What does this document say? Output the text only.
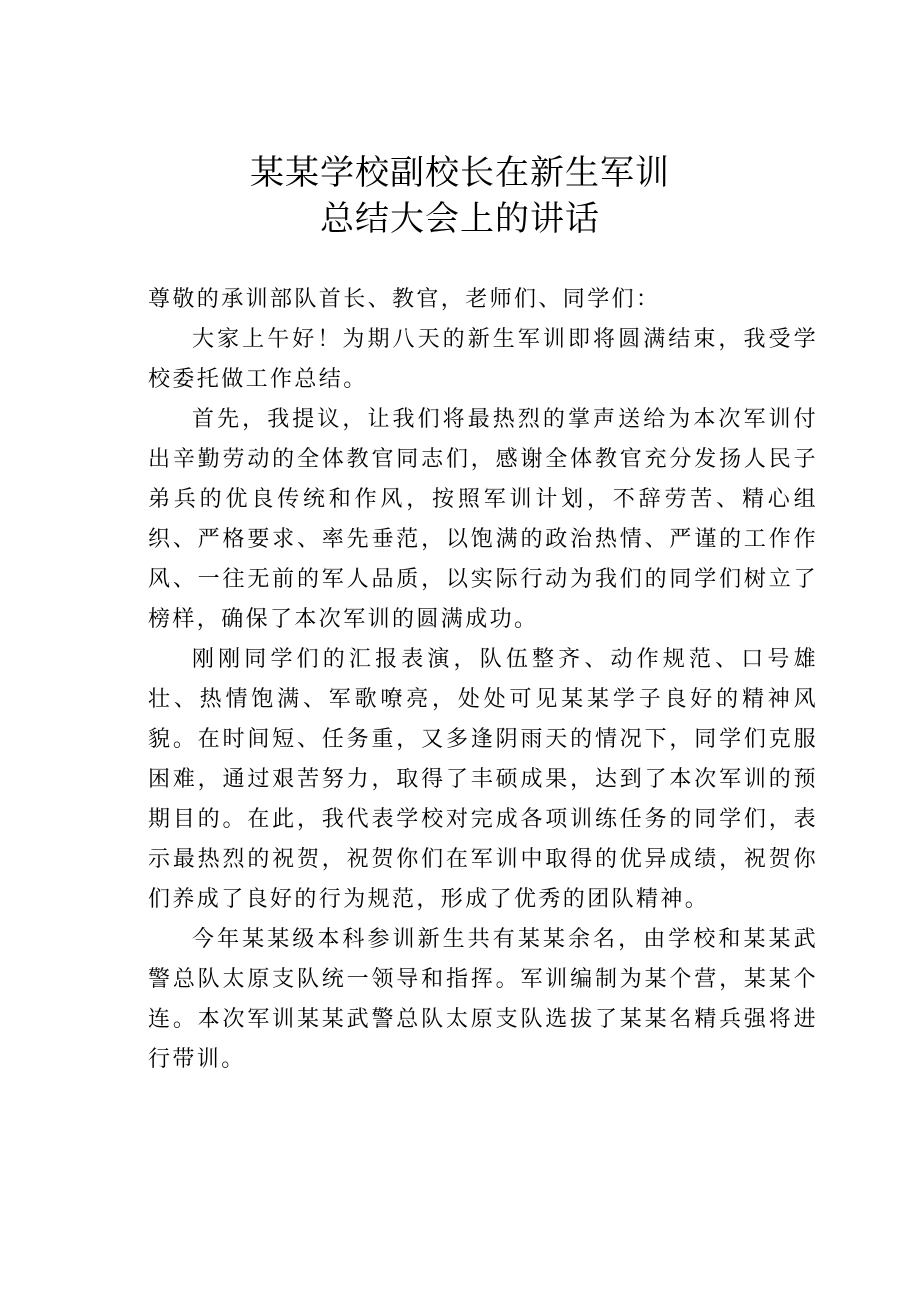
某某学校副校长在新生军训
总结大会上的讲话

尊敬的承训部队首长、教官，老师们、同学们：

大家上午好！为期八天的新生军训即将圆满结束，我受学校委托做工作总结。

首先，我提议，让我们将最热烈的掌声送给为本次军训付出辛勤劳动的全体教官同志们，感谢全体教官充分发扬人民子弟兵的优良传统和作风，按照军训计划，不辞劳苦、精心组织、严格要求、率先垂范，以饱满的政治热情、严谨的工作作风、一往无前的军人品质，以实际行动为我们的同学们树立了榜样，确保了本次军训的圆满成功。

刚刚同学们的汇报表演，队伍整齐、动作规范、口号雄壮、热情饱满、军歌嘹亮，处处可见某某学子良好的精神风貌。在时间短、任务重，又多逢阴雨天的情况下，同学们克服困难，通过艰苦努力，取得了丰硕成果，达到了本次军训的预期目的。在此，我代表学校对完成各项训练任务的同学们，表示最热烈的祝贺，祝贺你们在军训中取得的优异成绩，祝贺你们养成了良好的行为规范，形成了优秀的团队精神。

今年某某级本科参训新生共有某某余名，由学校和某某武警总队太原支队统一领导和指挥。军训编制为某个营，某某个连。本次军训某某武警总队太原支队选拔了某某名精兵强将进行带训。
